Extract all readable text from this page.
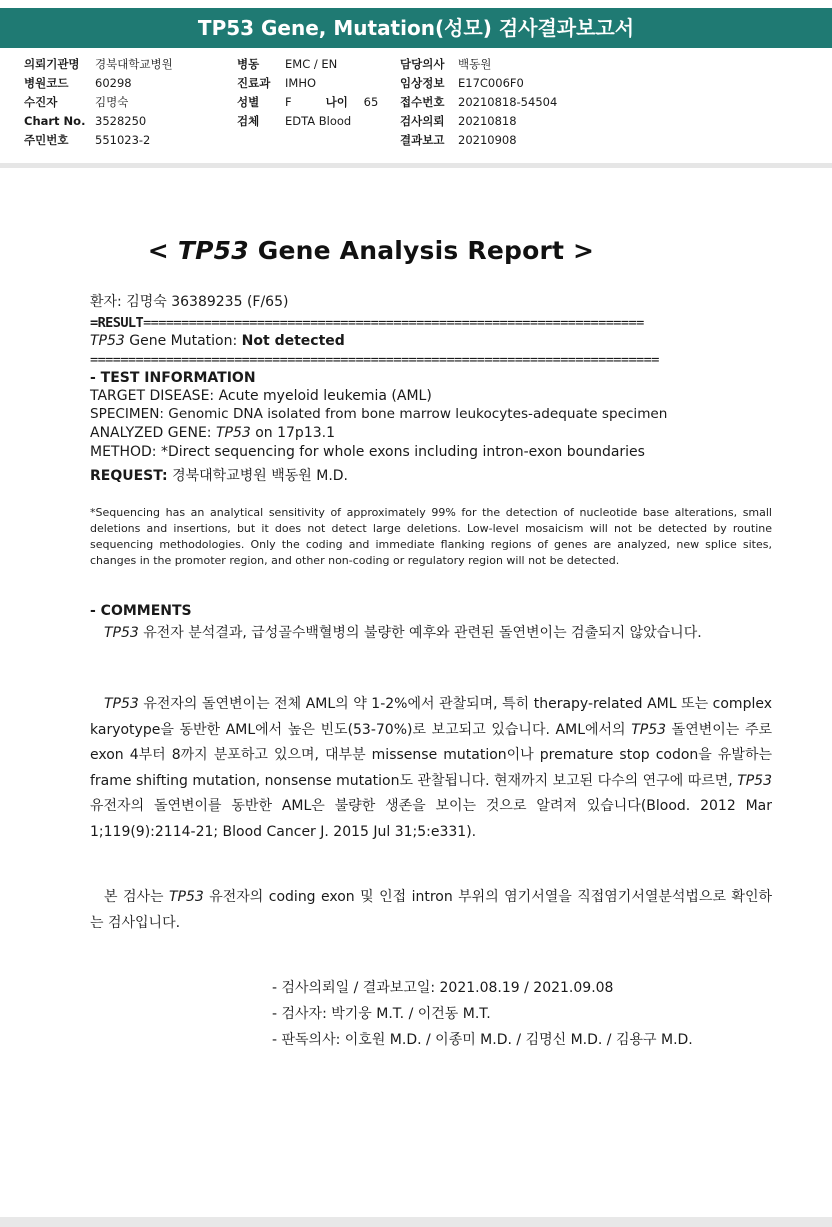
TP53 Gene, Mutation(성모) 검사결과보고서
의뢰기관명 경북대학교병원
병원코드 60298
수진자	김명숙
Chart No. 3528250
주민번호 551023-2
병동 EMC / EN
진료과 IMHO
성별 F	나이 65
검체 EDTA Blood
담당의사 백동원
임상정보 E17C006F0
접수번호 20210818-54504
검사의뢰 20210818
결과보고 20210908
< TP53 Gene Analysis Report >
환자: 김명숙 36389235 (F/65)
=RESULT==================================================================
TP53 Gene Mutation: Not detected
===========================================================================
- TEST INFORMATION
TARGET DISEASE: Acute myeloid leukemia (AML)
SPECIMEN: Genomic DNA isolated from bone marrow leukocytes-adequate specimen
ANALYZED GENE: TP53 on 17p13.1
METHOD: *Direct sequencing for whole exons including intron-exon boundaries
REQUEST: 경북대학교병원 백동원 M.D.
*Sequencing has an analytical sensitivity of approximately 99% for the detection of nucleotide base alterations, small deletions and insertions, but it does not detect large deletions. Low-level mosaicism will not be detected by routine sequencing methodologies. Only the coding and immediate flanking regions of genes are analyzed, new splice sites, changes in the promoter region, and other non-coding or regulatory region will not be detected.
- COMMENTS
TP53 유전자 분석결과, 급성골수백혈병의 불량한 예후와 관련된 돌연변이는 검출되지 않았습니다.
TP53 유전자의 돌연변이는 전체 AML의 약 1-2%에서 관찰되며, 특히 therapy-related AML 또는 complex karyotype을 동반한 AML에서 높은 빈도(53-70%)로 보고되고 있습니다. AML에서의 TP53 돌연변이는 주로 exon 4부터 8까지 분포하고 있으며, 대부분 missense mutation이나 premature stop codon을 유발하는 frame shifting mutation, nonsense mutation도 관찰됩니다. 현재까지 보고된 다수의 연구에 따르면, TP53 유전자의 돌연변이를 동반한 AML은 불량한 생존을 보이는 것으로 알려져 있습니다(Blood. 2012 Mar 1;119(9):2114-21; Blood Cancer J. 2015 Jul 31;5:e331).
본 검사는 TP53 유전자의 coding exon 및 인접 intron 부위의 염기서열을 직접염기서열분석법으로 확인하는 검사입니다.
- 검사의뢰일 / 결과보고일: 2021.08.19 / 2021.09.08
- 검사자: 박기웅 M.T. / 이건동 M.T.
- 판독의사: 이호원 M.D. / 이종미 M.D. / 김명신 M.D. / 김용구 M.D.
